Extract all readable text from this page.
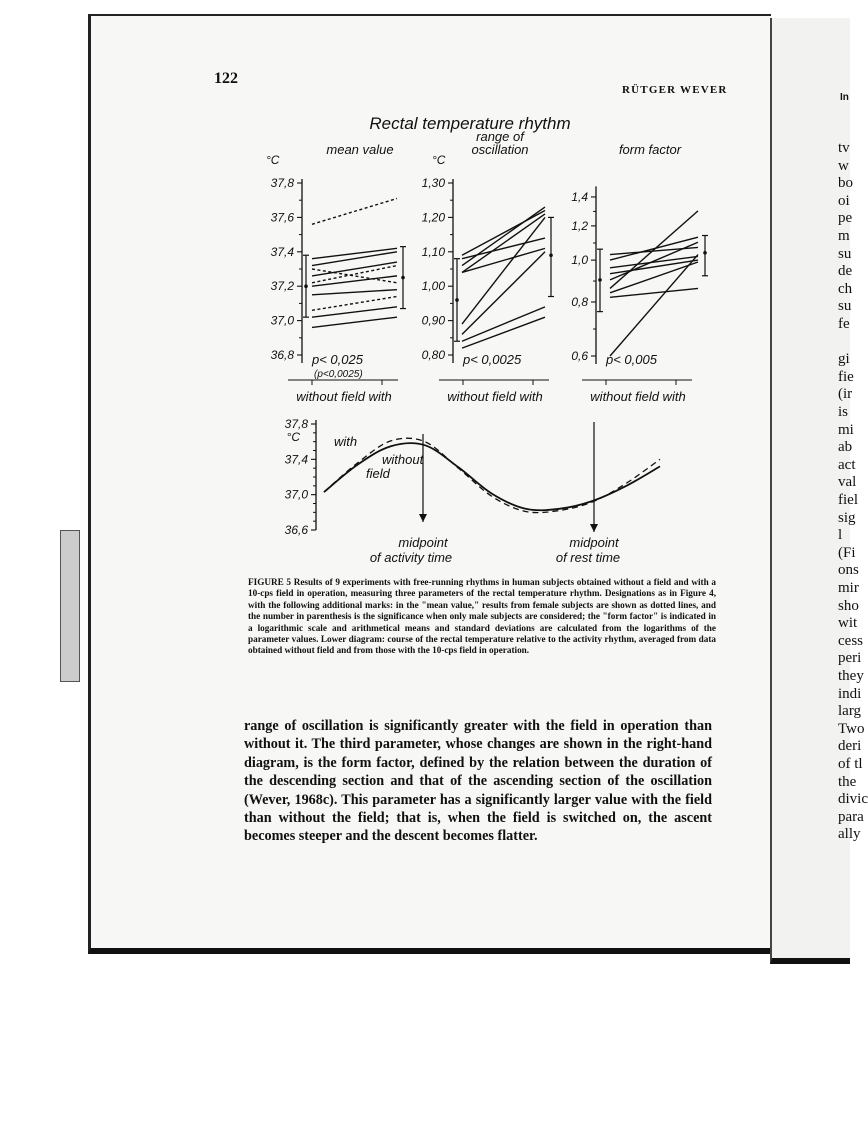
In
tv
w
bo
oi
pe
m
su
de
ch
su
fe
gi
fie
(ir
is
mi
ab
act
val
fiel
sig
l
(Fi
ons
mir
sho
wit
cess
peri
they
indi
larg
Two
deri
of tl
the
divic
para
ally
122
RÜTGER WEVER
Rectal temperature rhythm
mean value
°C
37,8
37,6
37,4
37,2
37,0
36,8 p< 0,025
(p<0,0025)
without field with
range of
oscillation
°C
1,30
1,20
1,10
1,00
0,90
0,80 p< 0,0025
without field with
form factor
1,4
1,2
1,0
0,8
0,6 p< 0,005
without field with
37,8
37,4
37,0
36,6
°C	with
without
field
midpoint
of activity time
midpoint
of rest time
FIGURE 5 Results of 9 experiments with free-running rhythms in human subjects obtained without a field and with a 10-cps field in operation, measuring three parameters of the rectal temperature rhythm. Designations as in Figure 4, with the following additional marks: in the "mean value," results from female subjects are shown as dotted lines, and the number in parenthesis is the significance when only male subjects are considered; the "form factor" is indicated in a logarithmic scale and arithmetical means and standard deviations are calculated from the logarithms of the parameter values. Lower diagram: course of the rectal temperature relative to the activity rhythm, averaged from data obtained without field and from those with the 10-cps field in operation.
range of oscillation is significantly greater with the field in operation than without it. The third parameter, whose changes are shown in the right-hand diagram, is the form factor, defined by the relation between the duration of the descending section and that of the ascending section of the oscillation (Wever, 1968c). This parameter has a significantly larger value with the field than without the field; that is, when the field is switched on, the ascent becomes steeper and the descent becomes flatter.
